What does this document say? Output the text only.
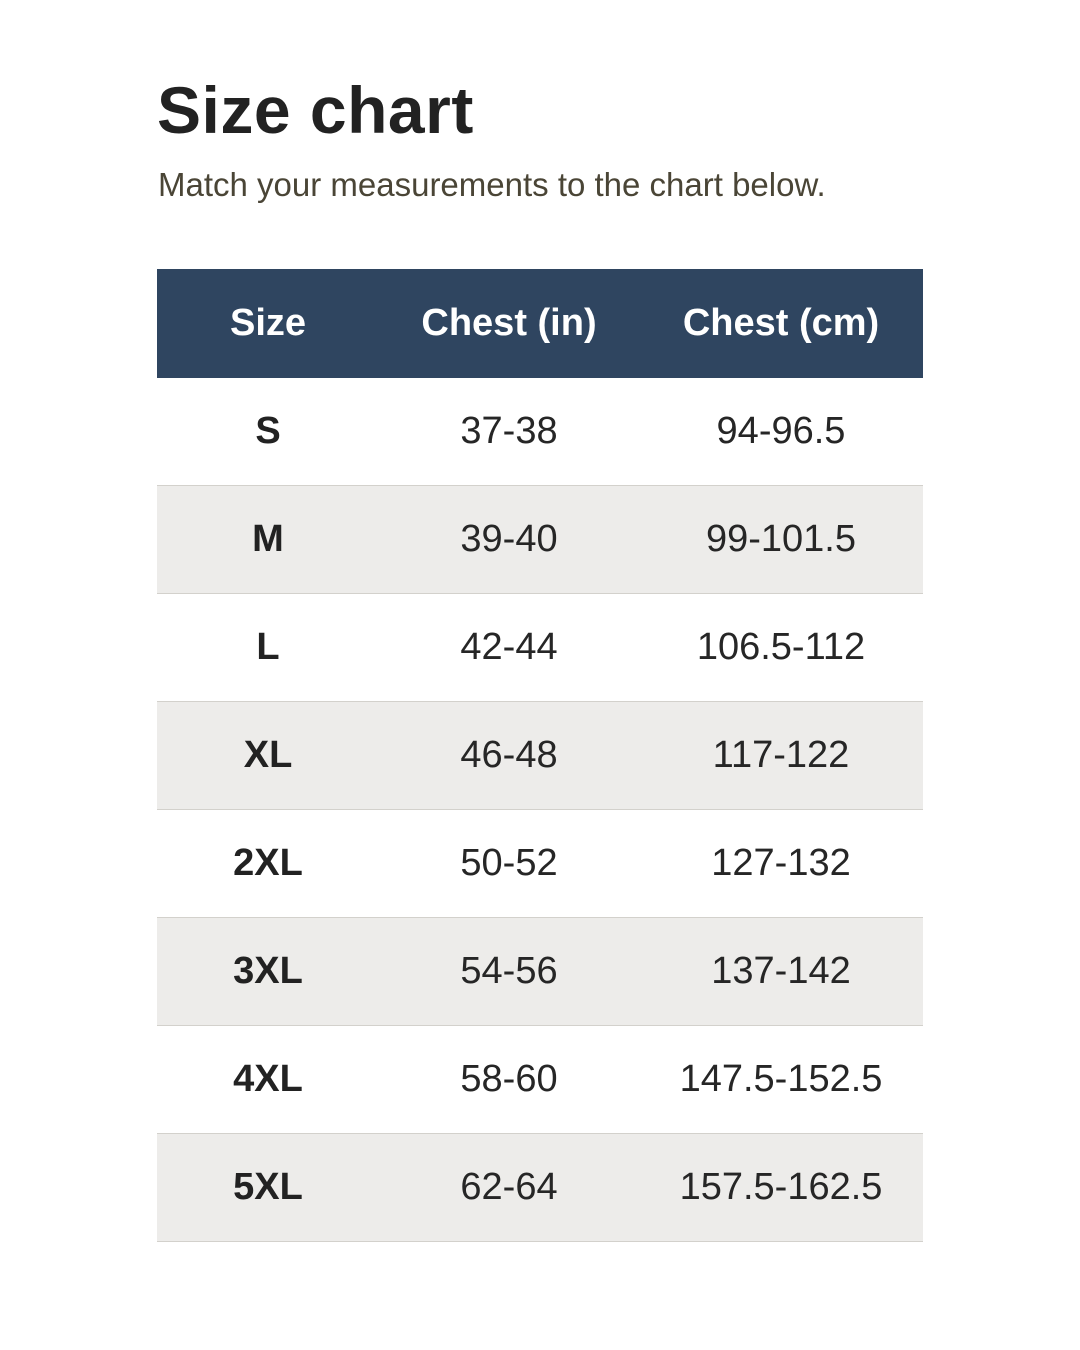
Size chart

Match your measurements to the chart below.

Size	Chest (in)	Chest (cm)
S	37-38	94-96.5
M	39-40	99-101.5
L	42-44	106.5-112
XL	46-48	117-122
2XL	50-52	127-132
3XL	54-56	137-142
4XL	58-60	147.5-152.5
5XL	62-64	157.5-162.5
